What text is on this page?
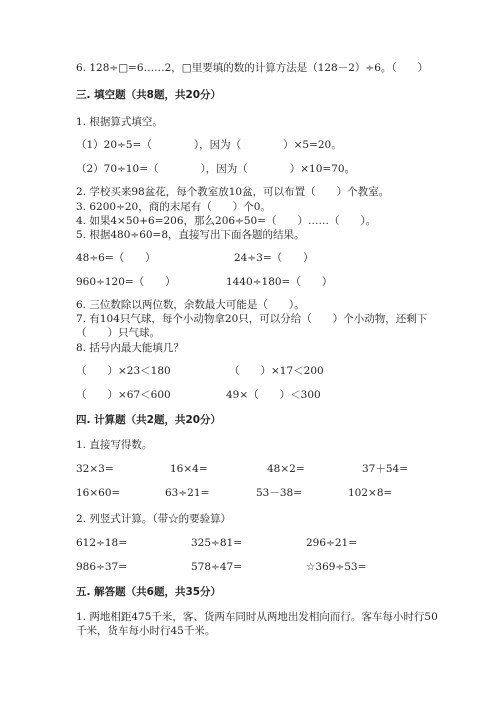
6. 128÷□=6……2，□里要填的数的计算方法是（128－2）÷6。（　　）
三. 填空题（共8题，共20分）
1. 根据算式填空。
（1）20÷5=（　　　　），因为（　　　　）×5=20。
（2）70÷10=（　　　　），因为（　　　　）×10=70。
2. 学校买来98盆花，每个教室放10盆，可以布置（　　）个教室。
3. 6200÷20，商的末尾有（　　）个0。
4. 如果4×50+6=206，那么206÷50=（　　）……（　　）。
5. 根据480÷60=8，直接写出下面各题的结果。
48÷6=（　　）	24÷3=（　　）
960÷120=（　　）	1440÷180=（　　）
6. 三位数除以两位数，余数最大可能是（　　）。
7. 有104只气球，每个小动物拿20只，可以分给（　　）个小动物，还剩下
（　　）只气球。
8. 括号内最大能填几？
（　　）×23＜180	（　　）×17＜200
（　　）×67＜600	49×（　　）＜300
四. 计算题（共2题，共20分）
1. 直接写得数。
32×3=	16×4=	48×2=	37＋54=
16×60=	63÷21=	53－38=	102×8=
2. 列竖式计算。（带☆的要验算）
612÷18=	325÷81=	296÷21=
986÷37=	578÷47=	☆369÷53=
五. 解答题（共6题，共35分）
1. 两地相距475千米，客、货两车同时从两地出发相向而行。客车每小时行50
千米，货车每小时行45千米。
